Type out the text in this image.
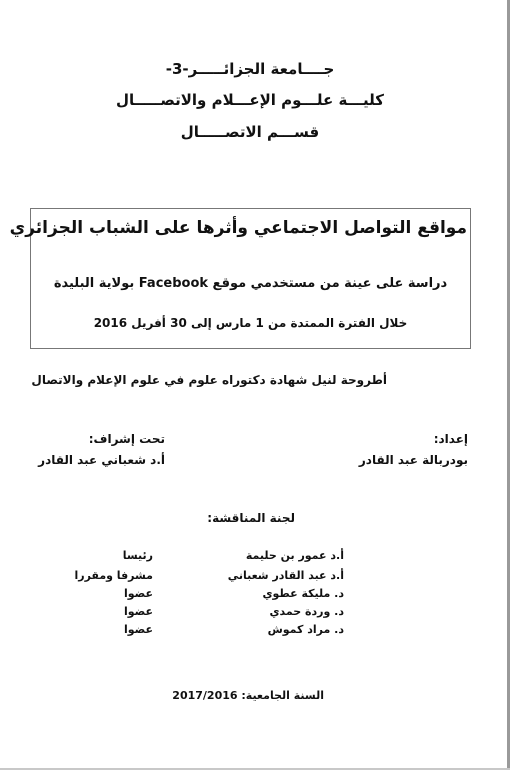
جــــامعة الجزائـــــر-3-
كليـــة علـــوم الإعـــلام والاتصـــــال
قســـم الاتصـــــال
مواقع التواصل الاجتماعي وأثرها على الشباب الجزائري
دراسة على عينة من مستخدمي موقع Facebook بولاية البليدة
خلال الفترة الممتدة من 1 مارس إلى 30 أفريل 2016
أطروحة لنيل شهادة دكتوراه علوم في علوم الإعلام والاتصال
إعداد:
بودربالة عبد القادر
تحت إشراف:
أ.د شعباني عبد القادر
لجنة المناقشة:
أ.د عمور بن حليمة
رئيسا
أ.د عبد القادر شعباني
مشرفا ومقررا
د. مليكة عطوي
عضوا
د. وردة حمدي
عضوا
د. مراد كموش
عضوا
السنة الجامعية: 2017/2016
